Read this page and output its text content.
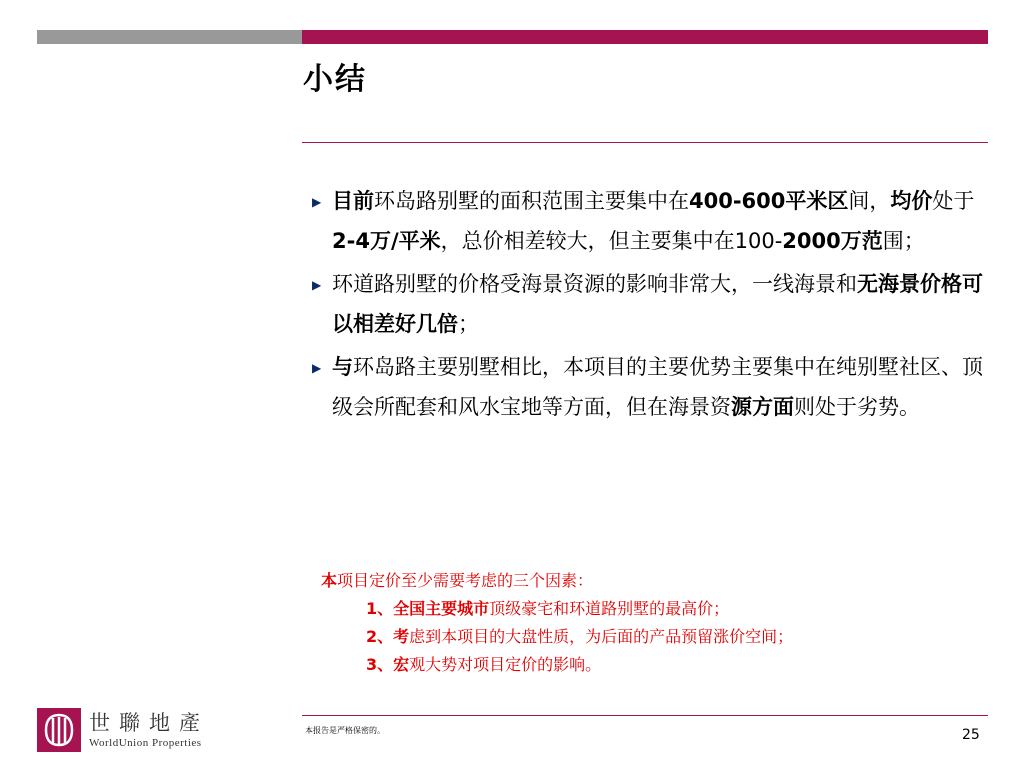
小结
▶ 目前环岛路别墅的面积范围主要集中在400-600平米区间，均价处于2-4万/平米，总价相差较大，但主要集中在100-2000万范围；
▶ 环道路别墅的价格受海景资源的影响非常大，一线海景和无海景价格可以相差好几倍；
▶ 与环岛路主要别墅相比，本项目的主要优势主要集中在纯别墅社区、顶级会所配套和风水宝地等方面，但在海景资源方面则处于劣势。
本项目定价至少需要考虑的三个因素：
1、全国主要城市顶级豪宅和环道路别墅的最高价；
2、考虑到本项目的大盘性质，为后面的产品预留涨价空间；
3、宏观大势对项目定价的影响。
本报告是严格保密的。	25
世聯地產
WorldUnion Properties
